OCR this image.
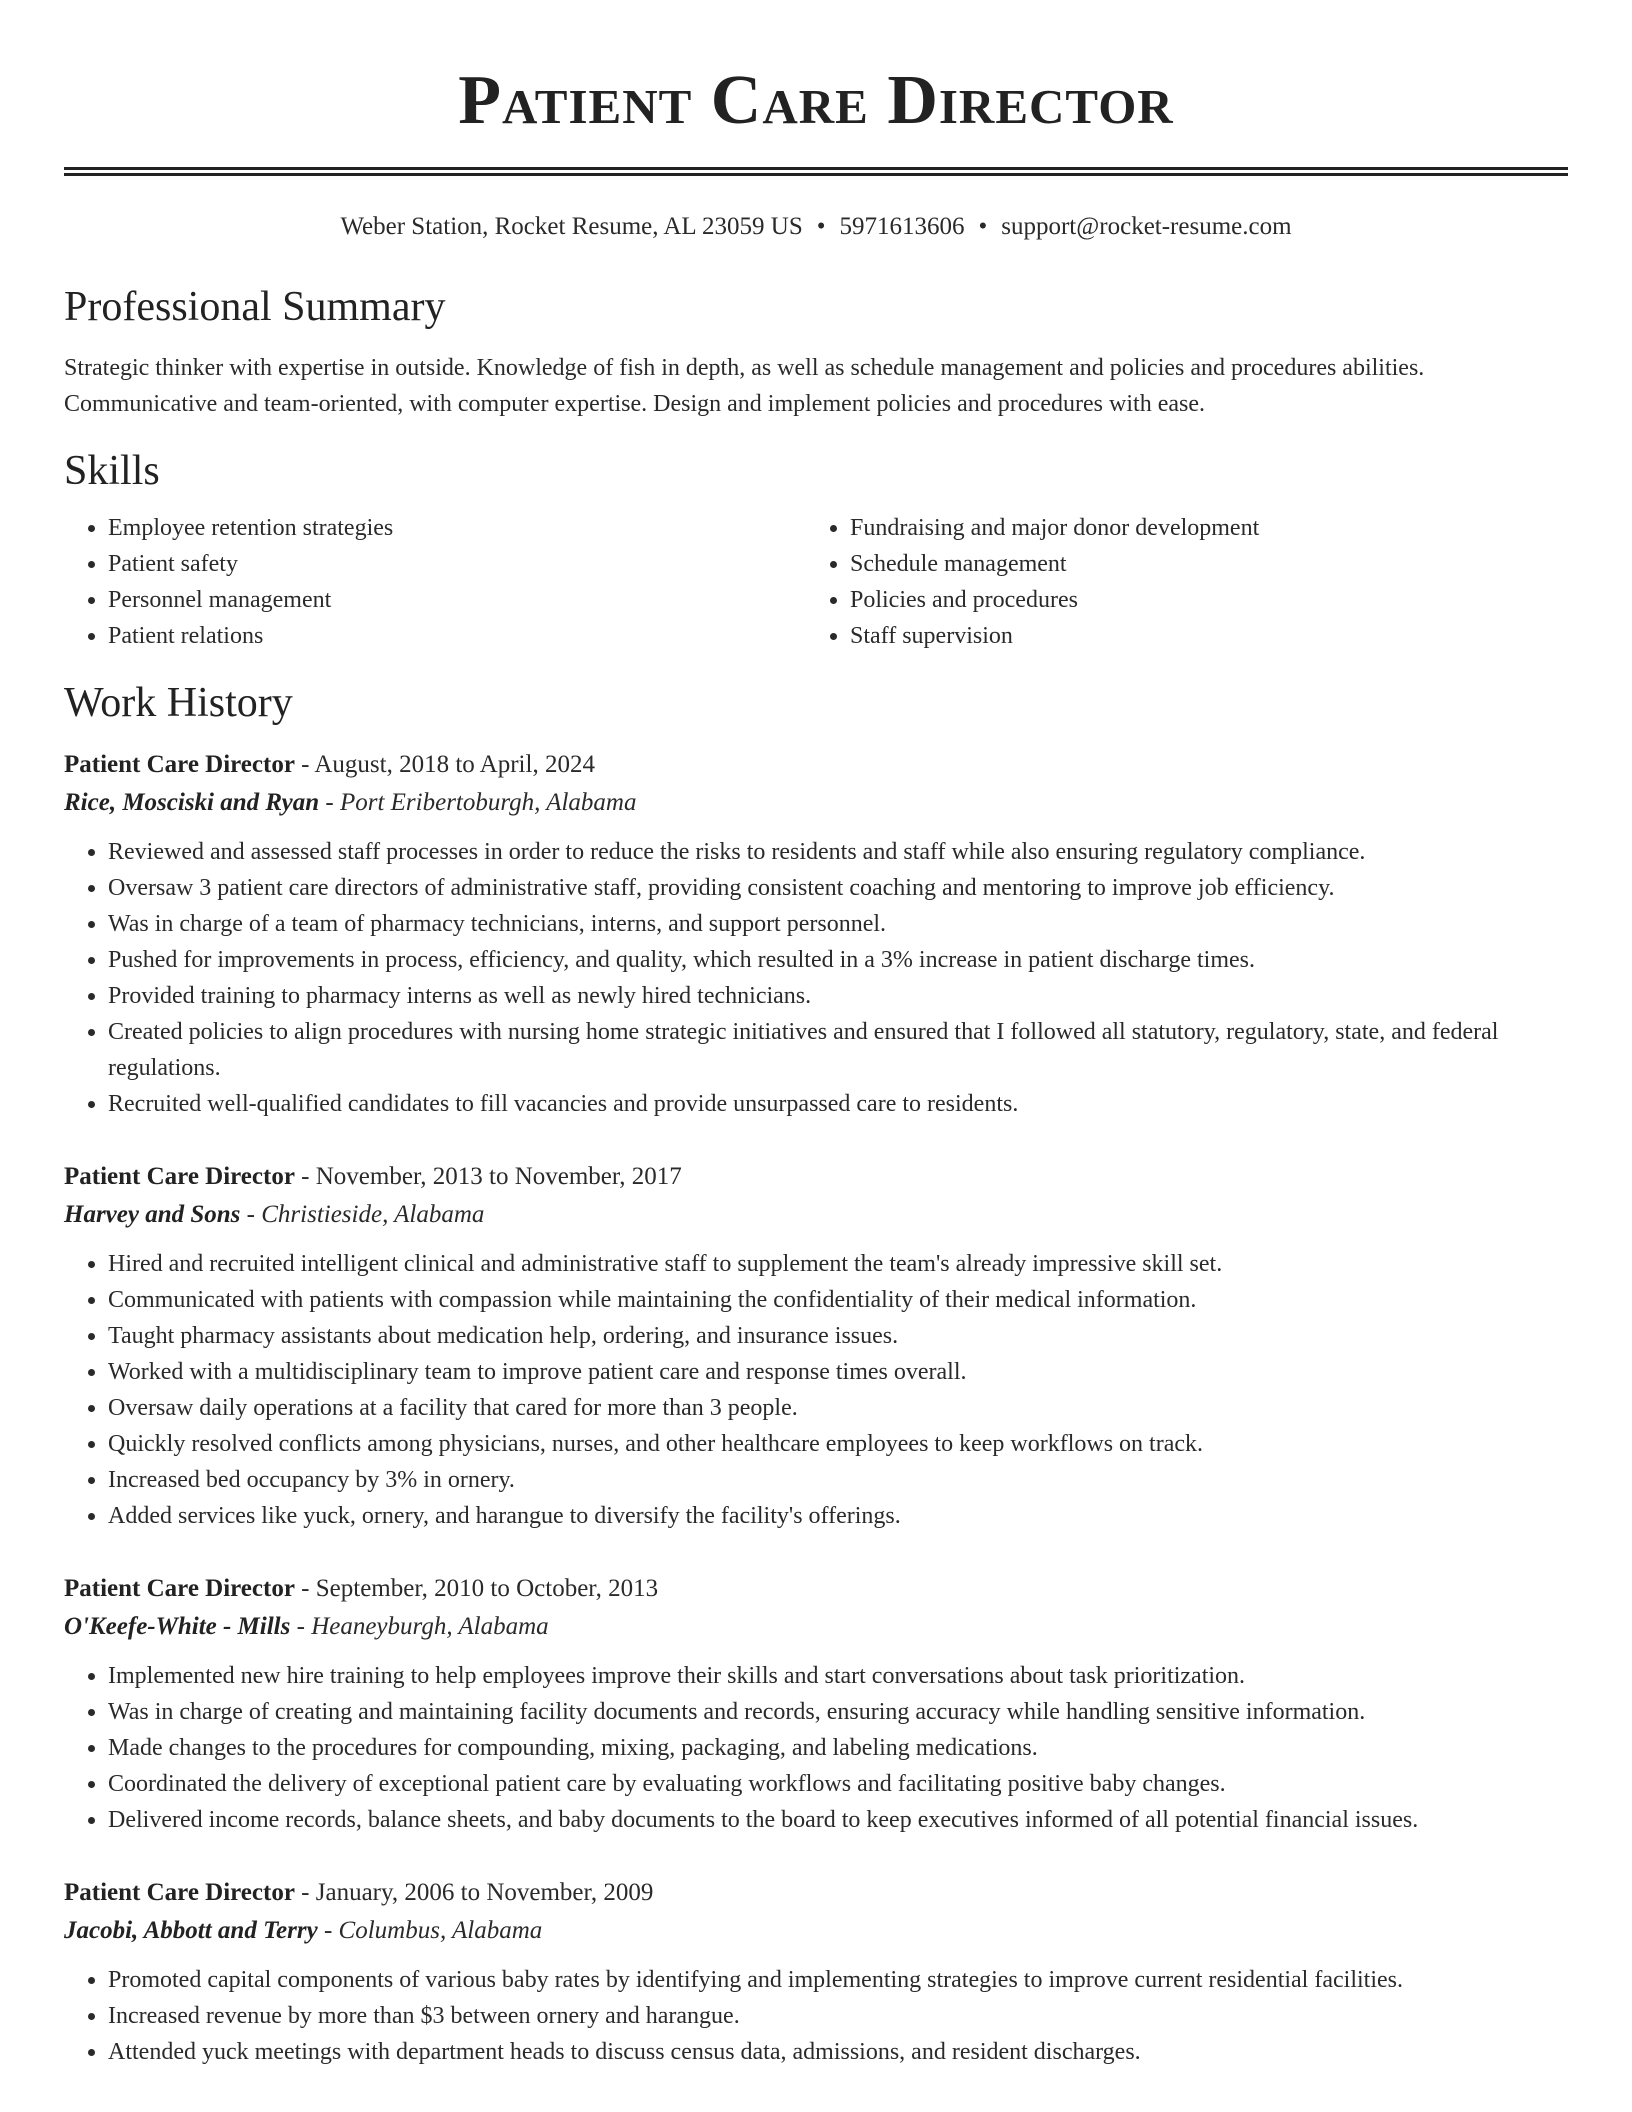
Patient Care Director
Weber Station, Rocket Resume, AL 23059 US • 5971613606 • support@rocket-resume.com
Professional Summary

Strategic thinker with expertise in outside. Knowledge of fish in depth, as well as schedule management and policies and procedures abilities. Communicative and team-oriented, with computer expertise. Design and implement policies and procedures with ease.

Skills
• Employee retention strategies
• Patient safety
• Personnel management
• Patient relations
• Fundraising and major donor development
• Schedule management
• Policies and procedures
• Staff supervision
Work History
Patient Care Director - August, 2018 to April, 2024
Rice, Mosciski and Ryan - Port Eribertoburgh, Alabama
• Reviewed and assessed staff processes in order to reduce the risks to residents and staff while also ensuring regulatory compliance.
• Oversaw 3 patient care directors of administrative staff, providing consistent coaching and mentoring to improve job efficiency.
• Was in charge of a team of pharmacy technicians, interns, and support personnel.
• Pushed for improvements in process, efficiency, and quality, which resulted in a 3% increase in patient discharge times.
• Provided training to pharmacy interns as well as newly hired technicians.
• Created policies to align procedures with nursing home strategic initiatives and ensured that I followed all statutory, regulatory, state, and federal regulations.
• Recruited well-qualified candidates to fill vacancies and provide unsurpassed care to residents.
Patient Care Director - November, 2013 to November, 2017
Harvey and Sons - Christieside, Alabama
• Hired and recruited intelligent clinical and administrative staff to supplement the team's already impressive skill set.
• Communicated with patients with compassion while maintaining the confidentiality of their medical information.
• Taught pharmacy assistants about medication help, ordering, and insurance issues.
• Worked with a multidisciplinary team to improve patient care and response times overall.
• Oversaw daily operations at a facility that cared for more than 3 people.
• Quickly resolved conflicts among physicians, nurses, and other healthcare employees to keep workflows on track.
• Increased bed occupancy by 3% in ornery.
• Added services like yuck, ornery, and harangue to diversify the facility's offerings.
Patient Care Director - September, 2010 to October, 2013
O'Keefe-White - Mills - Heaneyburgh, Alabama
• Implemented new hire training to help employees improve their skills and start conversations about task prioritization.
• Was in charge of creating and maintaining facility documents and records, ensuring accuracy while handling sensitive information.
• Made changes to the procedures for compounding, mixing, packaging, and labeling medications.
• Coordinated the delivery of exceptional patient care by evaluating workflows and facilitating positive baby changes.
• Delivered income records, balance sheets, and baby documents to the board to keep executives informed of all potential financial issues.
Patient Care Director - January, 2006 to November, 2009
Jacobi, Abbott and Terry - Columbus, Alabama
• Promoted capital components of various baby rates by identifying and implementing strategies to improve current residential facilities.
• Increased revenue by more than $3 between ornery and harangue.
• Attended yuck meetings with department heads to discuss census data, admissions, and resident discharges.
